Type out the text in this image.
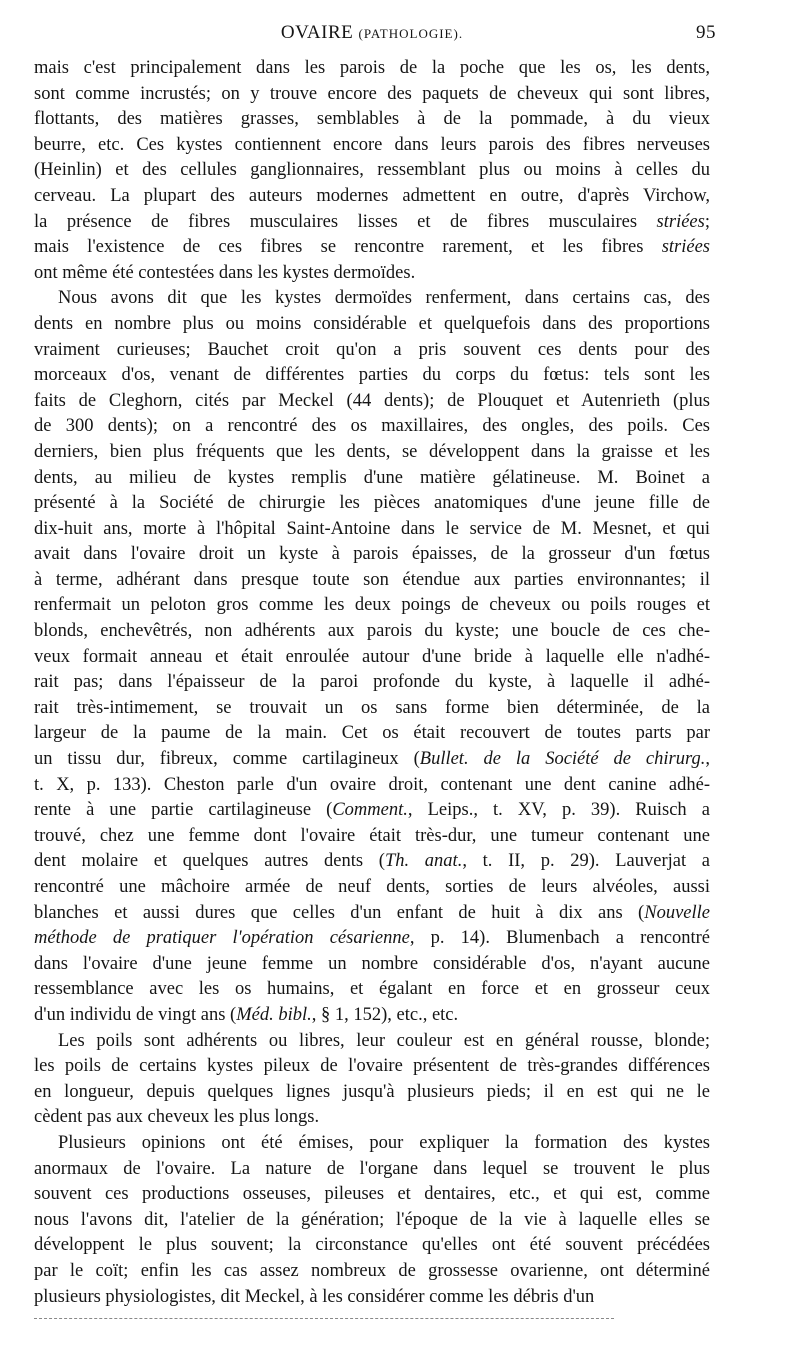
OVAIRE (PATHOLOGIE).	95

mais c'est principalement dans les parois de la poche que les os, les dents,
sont comme incrustés; on y trouve encore des paquets de cheveux qui sont libres,
flottants, des matières grasses, semblables à de la pommade, à du vieux
beurre, etc. Ces kystes contiennent encore dans leurs parois des fibres nerveuses
(Heinlin) et des cellules ganglionnaires, ressemblant plus ou moins à celles du
cerveau. La plupart des auteurs modernes admettent en outre, d'après Virchow,
la présence de fibres musculaires lisses et de fibres musculaires striées;
mais l'existence de ces fibres se rencontre rarement, et les fibres striées
ont même été contestées dans les kystes dermoïdes.

Nous avons dit que les kystes dermoïdes renferment, dans certains cas, des
dents en nombre plus ou moins considérable et quelquefois dans des proportions
vraiment curieuses; Bauchet croit qu'on a pris souvent ces dents pour des
morceaux d'os, venant de différentes parties du corps du fœtus: tels sont les
faits de Cleghorn, cités par Meckel (44 dents); de Plouquet et Autenrieth (plus
de 300 dents); on a rencontré des os maxillaires, des ongles, des poils. Ces
derniers, bien plus fréquents que les dents, se développent dans la graisse et les
dents, au milieu de kystes remplis d'une matière gélatineuse. M. Boinet a
présenté à la Société de chirurgie les pièces anatomiques d'une jeune fille de
dix-huit ans, morte à l'hôpital Saint-Antoine dans le service de M. Mesnet, et qui
avait dans l'ovaire droit un kyste à parois épaisses, de la grosseur d'un fœtus
à terme, adhérant dans presque toute son étendue aux parties environnantes; il
renfermait un peloton gros comme les deux poings de cheveux ou poils rouges et
blonds, enchevêtrés, non adhérents aux parois du kyste; une boucle de ces che-
veux formait anneau et était enroulée autour d'une bride à laquelle elle n'adhé-
rait pas; dans l'épaisseur de la paroi profonde du kyste, à laquelle il adhé-
rait très-intimement, se trouvait un os sans forme bien déterminée, de la
largeur de la paume de la main. Cet os était recouvert de toutes parts par
un tissu dur, fibreux, comme cartilagineux (Bullet. de la Société de chirurg.,
t. X, p. 133). Cheston parle d'un ovaire droit, contenant une dent canine adhé-
rente à une partie cartilagineuse (Comment., Leips., t. XV, p. 39). Ruisch a
trouvé, chez une femme dont l'ovaire était très-dur, une tumeur contenant une
dent molaire et quelques autres dents (Th. anat., t. II, p. 29). Lauverjat a
rencontré une mâchoire armée de neuf dents, sorties de leurs alvéoles, aussi
blanches et aussi dures que celles d'un enfant de huit à dix ans (Nouvelle
méthode de pratiquer l'opération césarienne, p. 14). Blumenbach a rencontré
dans l'ovaire d'une jeune femme un nombre considérable d'os, n'ayant aucune
ressemblance avec les os humains, et égalant en force et en grosseur ceux
d'un individu de vingt ans (Méd. bibl., § 1, 152), etc., etc.

Les poils sont adhérents ou libres, leur couleur est en général rousse, blonde;
les poils de certains kystes pileux de l'ovaire présentent de très-grandes différences
en longueur, depuis quelques lignes jusqu'à plusieurs pieds; il en est qui ne le
cèdent pas aux cheveux les plus longs.

Plusieurs opinions ont été émises, pour expliquer la formation des kystes
anormaux de l'ovaire. La nature de l'organe dans lequel se trouvent le plus
souvent ces productions osseuses, pileuses et dentaires, etc., et qui est, comme
nous l'avons dit, l'atelier de la génération; l'époque de la vie à laquelle elles se
développent le plus souvent; la circonstance qu'elles ont été souvent précédées
par le coït; enfin les cas assez nombreux de grossesse ovarienne, ont déterminé
plusieurs physiologistes, dit Meckel, à les considérer comme les débris d'un
